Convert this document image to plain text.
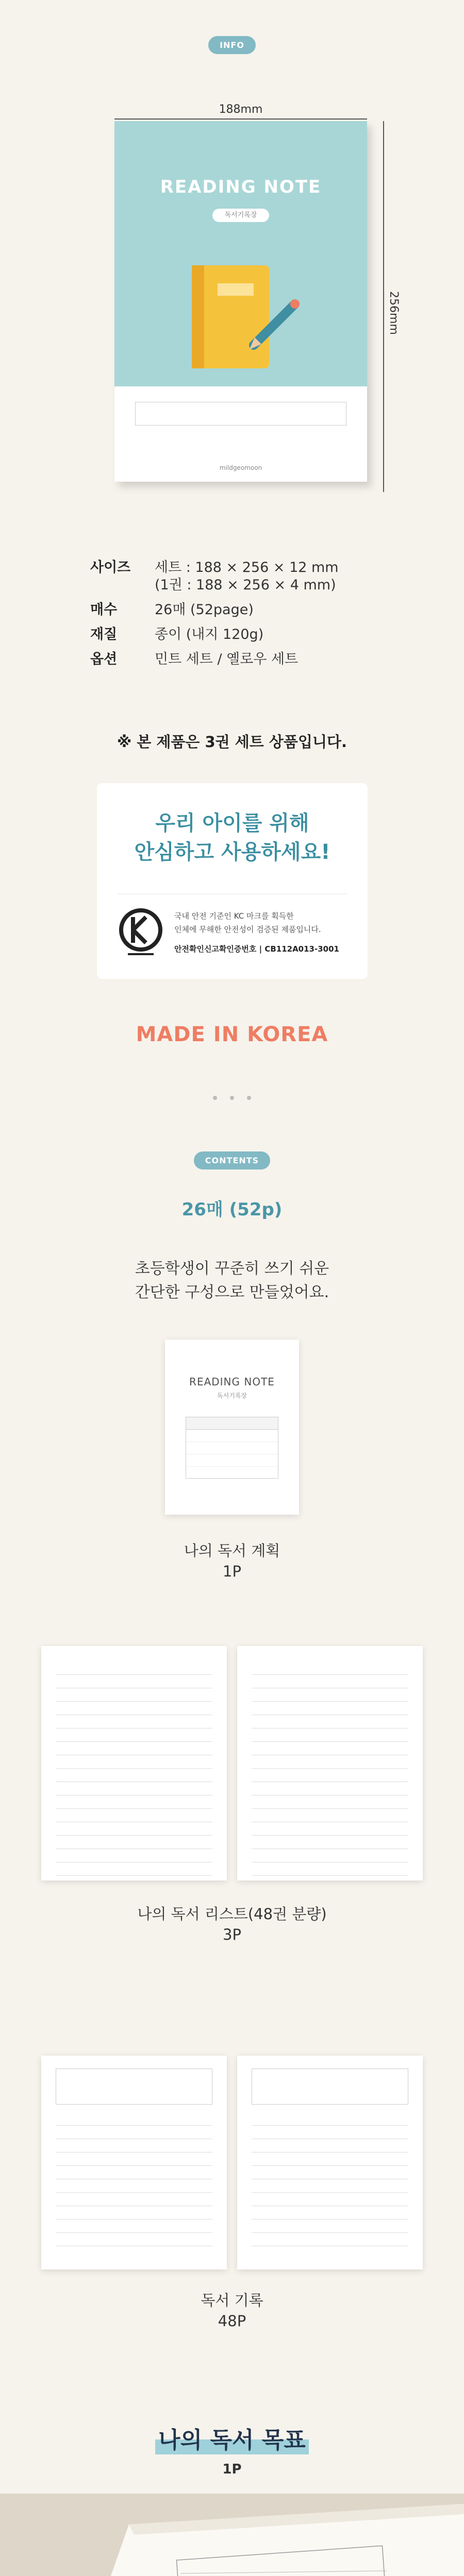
INFO
188mm
256mm
READING NOTE
독서기록장
mildgeomoon
사이즈	세트 : 188 × 256 × 12 mm
(1권 : 188 × 256 × 4 mm)
매수	26매 (52page)
재질	종이 (내지 120g)
옵션	민트 세트 / 옐로우 세트
※ 본 제품은 3권 세트 상품입니다.
우리 아이를 위해
안심하고 사용하세요!
국내 안전 기준인 KC 마크를 획득한
인체에 무해한 안전성이 검증된 제품입니다.
안전확인신고확인증번호 | CB112A013-3001
MADE IN KOREA

CONTENTS
26매 (52p)
초등학생이 꾸준히 쓰기 쉬운
간단한 구성으로 만들었어요.
READING NOTE
독서기록장
나의 독서 계획
1P
나의 독서 리스트(48권 분량)
3P
독서 기록
48P
나의 독서 목표
1P
